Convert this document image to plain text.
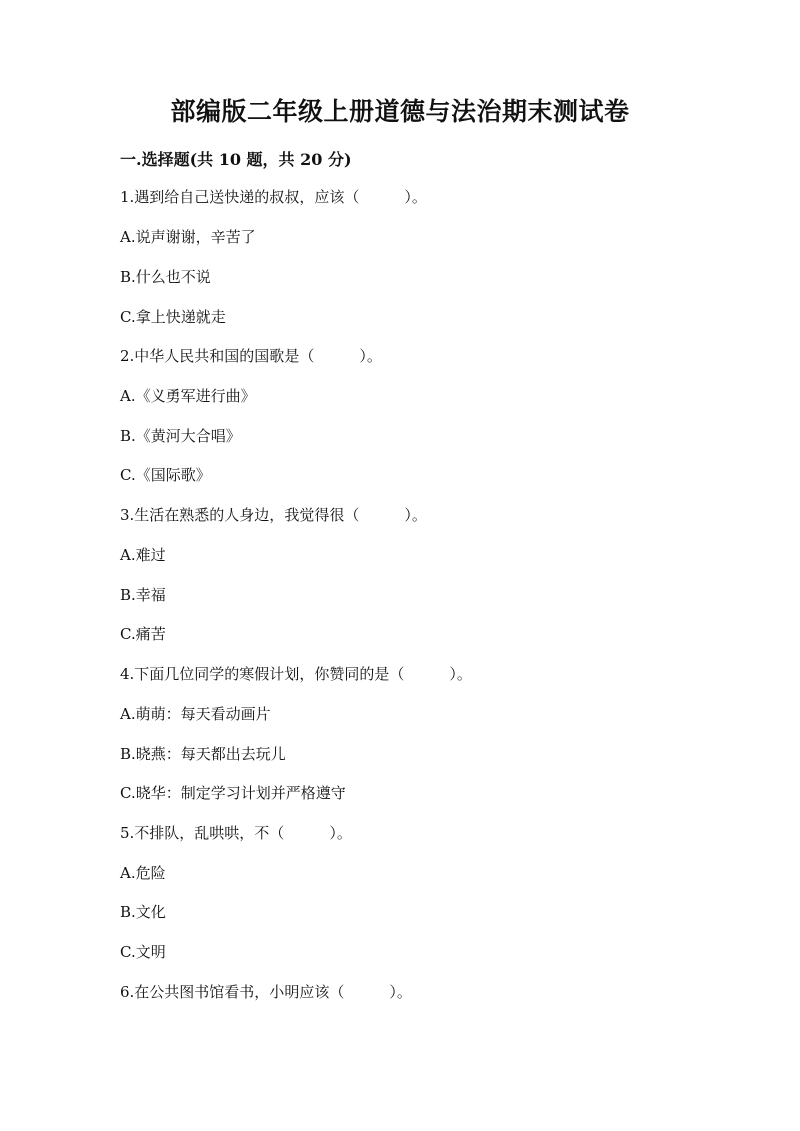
部编版二年级上册道德与法治期末测试卷
一.选择题(共 10 题，共 20 分)
1.遇到给自己送快递的叔叔，应该（　　　）。
A.说声谢谢，辛苦了
B.什么也不说
C.拿上快递就走
2.中华人民共和国的国歌是（　　　）。
A.《义勇军进行曲》
B.《黄河大合唱》
C.《国际歌》
3.生活在熟悉的人身边，我觉得很（　　　）。
A.难过
B.幸福
C.痛苦
4.下面几位同学的寒假计划，你赞同的是（　　　）。
A.萌萌：每天看动画片
B.晓燕：每天都出去玩儿
C.晓华：制定学习计划并严格遵守
5.不排队，乱哄哄，不（　　　）。
A.危险
B.文化
C.文明
6.在公共图书馆看书，小明应该（　　　）。
